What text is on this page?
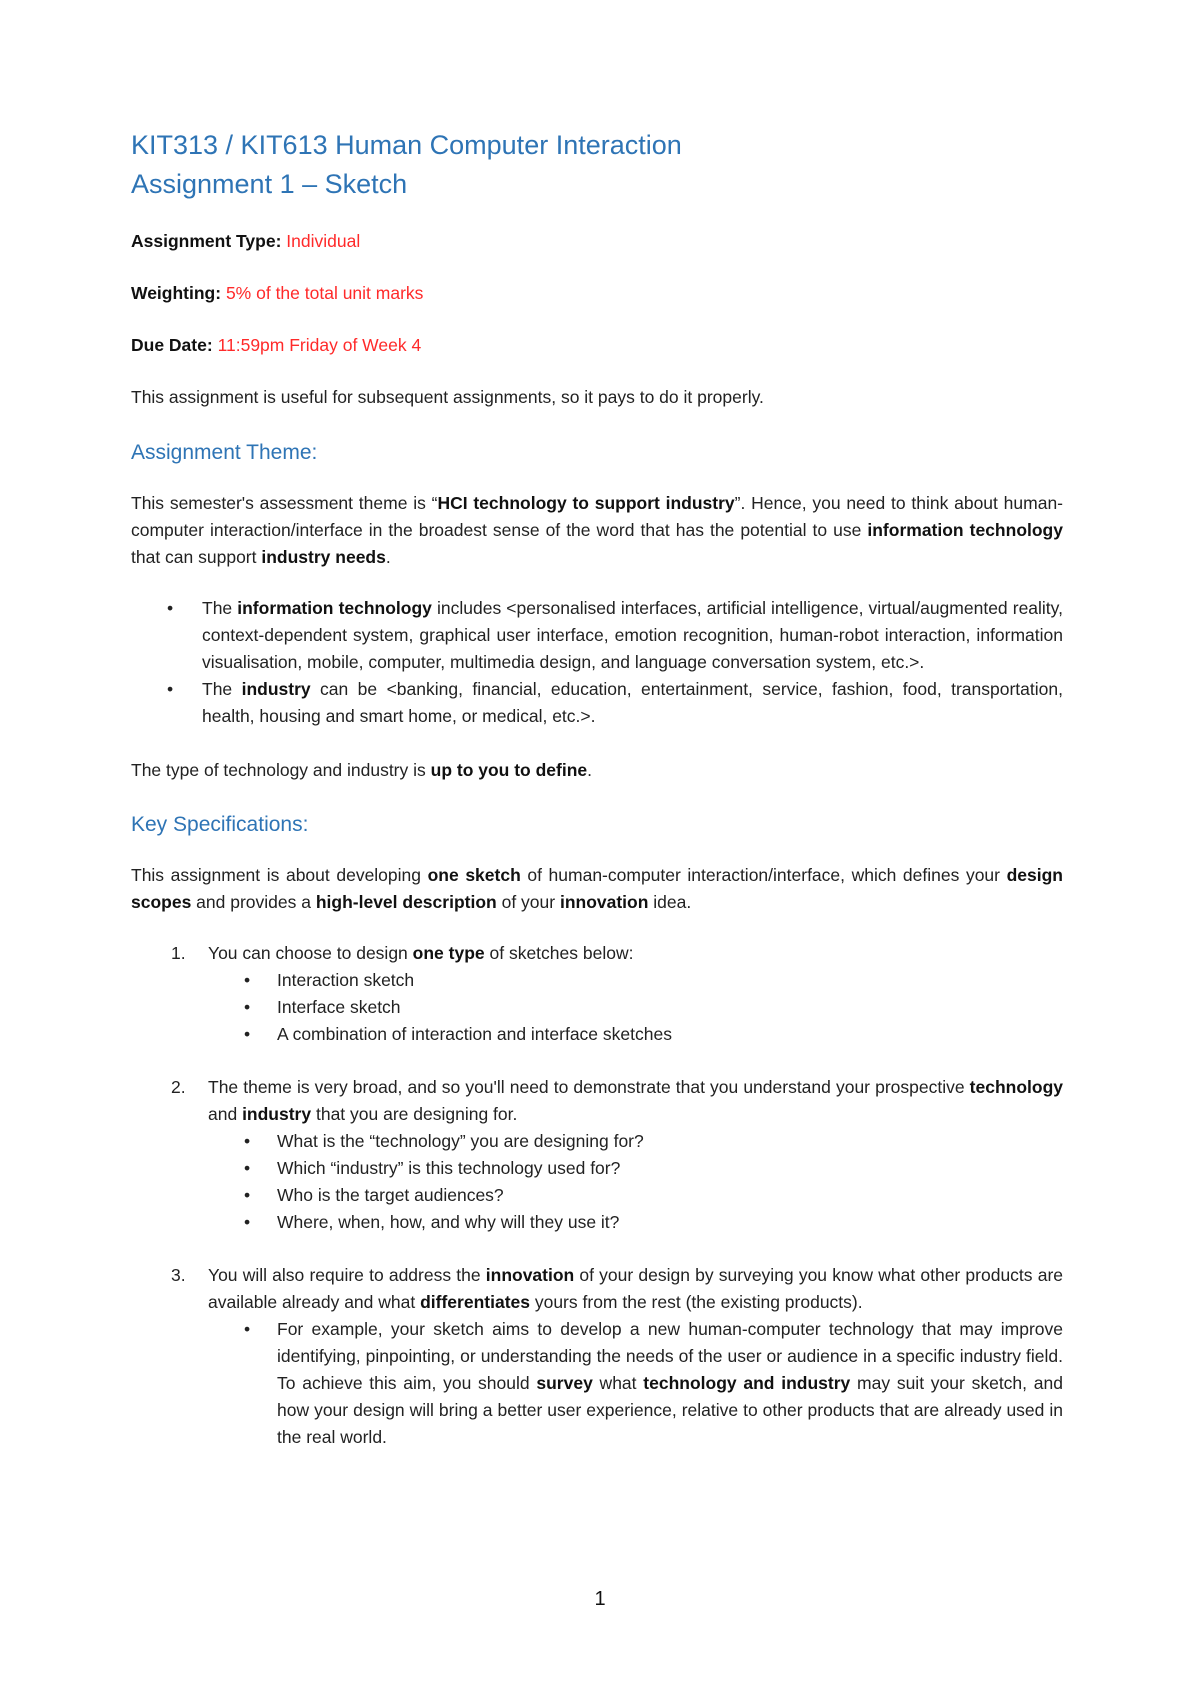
KIT313 / KIT613 Human Computer Interaction
Assignment 1 – Sketch

Assignment Type: Individual

Weighting: 5% of the total unit marks

Due Date: 11:59pm Friday of Week 4

This assignment is useful for subsequent assignments, so it pays to do it properly.

Assignment Theme:

This semester's assessment theme is “HCI technology to support industry”. Hence, you need to think about human-computer interaction/interface in the broadest sense of the word that has the potential to use information technology that can support industry needs.

• The information technology includes <personalised interfaces, artificial intelligence, virtual/augmented reality, context-dependent system, graphical user interface, emotion recognition, human-robot interaction, information visualisation, mobile, computer, multimedia design, and language conversation system, etc.>.
• The industry can be <banking, financial, education, entertainment, service, fashion, food, transportation, health, housing and smart home, or medical, etc.>.

The type of technology and industry is up to you to define.

Key Specifications:

This assignment is about developing one sketch of human-computer interaction/interface, which defines your design scopes and provides a high-level description of your innovation idea.

1. You can choose to design one type of sketches below:
• Interaction sketch
• Interface sketch
• A combination of interaction and interface sketches
2. The theme is very broad, and so you'll need to demonstrate that you understand your prospective technology and industry that you are designing for.
• What is the “technology” you are designing for?
• Which “industry” is this technology used for?
• Who is the target audiences?
• Where, when, how, and why will they use it?
3. You will also require to address the innovation of your design by surveying you know what other products are available already and what differentiates yours from the rest (the existing products).
• For example, your sketch aims to develop a new human-computer technology that may improve identifying, pinpointing, or understanding the needs of the user or audience in a specific industry field. To achieve this aim, you should survey what technology and industry may suit your sketch, and how your design will bring a better user experience, relative to other products that are already used in the real world.
1
